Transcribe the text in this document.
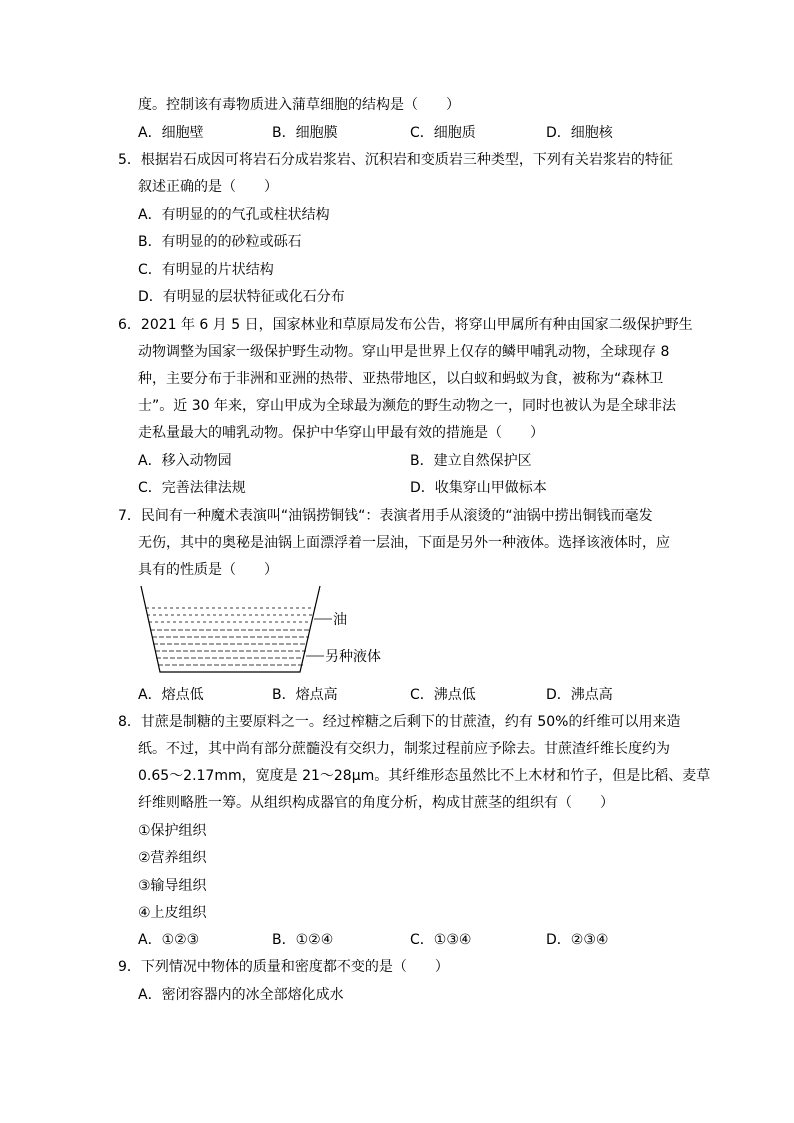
度。控制该有毒物质进入蒲草细胞的结构是（　　）
A．细胞壁	B．细胞膜	C．细胞质	D．细胞核
5．根据岩石成因可将岩石分成岩浆岩、沉积岩和变质岩三种类型，下列有关岩浆岩的特征
叙述正确的是（　　）
A．有明显的的气孔或柱状结构
B．有明显的的砂粒或砾石
C．有明显的片状结构
D．有明显的层状特征或化石分布
6．2021 年 6 月 5 日，国家林业和草原局发布公告，将穿山甲属所有种由国家二级保护野生
动物调整为国家一级保护野生动物。穿山甲是世界上仅存的鳞甲哺乳动物，全球现存 8
种，主要分布于非洲和亚洲的热带、亚热带地区，以白蚁和蚂蚁为食，被称为“森林卫
士”。近 30 年来，穿山甲成为全球最为濒危的野生动物之一，同时也被认为是全球非法
走私量最大的哺乳动物。保护中华穿山甲最有效的措施是（　　）
A．移入动物园	B．建立自然保护区
C．完善法律法规	D．收集穿山甲做标本
7．民间有一种魔术表演叫“油锅捞铜钱“：表演者用手从滚烫的“油锅中捞出铜钱而毫发
无伤，其中的奥秘是油锅上面漂浮着一层油，下面是另外一种液体。选择该液体时，应
具有的性质是（　　）
油
另种液体
A．熔点低	B．熔点高	C．沸点低	D．沸点高
8．甘蔗是制糖的主要原料之一。经过榨糖之后剩下的甘蔗渣，约有 50%的纤维可以用来造
纸。不过，其中尚有部分蔗髓没有交织力，制浆过程前应予除去。甘蔗渣纤维长度约为
0.65～2.17mm，宽度是 21～28μm。其纤维形态虽然比不上木材和竹子，但是比稻、麦草
纤维则略胜一筹。从组织构成器官的角度分析，构成甘蔗茎的组织有（　　）
①保护组织
②营养组织
③输导组织
④上皮组织
A．①②③	B．①②④	C．①③④	D．②③④
9．下列情况中物体的质量和密度都不变的是（　　）
A．密闭容器内的冰全部熔化成水
